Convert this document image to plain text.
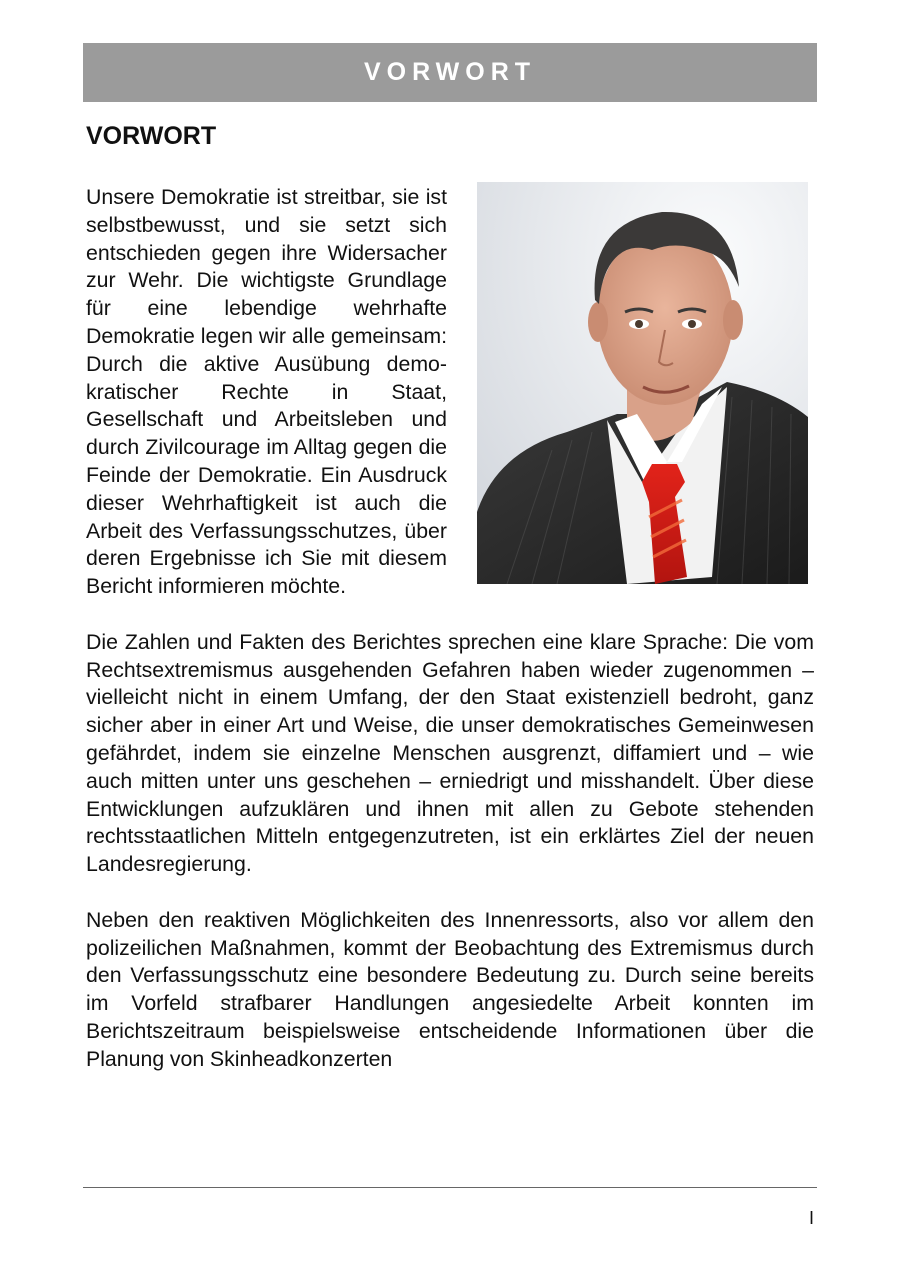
VORWORT
VORWORT

Unsere Demokratie ist streitbar, sie ist selbstbewusst, und sie setzt sich entschieden gegen ihre Widersacher zur Wehr. Die wichtigste Grundlage für eine lebendige wehrhafte Demokratie legen wir alle gemeinsam: Durch die aktive Ausübung demokratischer Rechte in Staat, Gesellschaft und Arbeitsleben und durch Zivilcourage im Alltag gegen die Feinde der Demokratie. Ein Ausdruck dieser Wehrhaftigkeit ist auch die Arbeit des Verfassungsschutzes, über deren Ergebnisse ich Sie mit diesem Bericht informieren möchte.

Die Zahlen und Fakten des Berichtes sprechen eine klare Sprache: Die vom Rechtsextremismus ausgehenden Gefahren haben wieder zugenommen – vielleicht nicht in einem Umfang, der den Staat existenziell bedroht, ganz sicher aber in einer Art und Weise, die unser demokratisches Gemeinwesen gefährdet, indem sie einzelne Menschen ausgrenzt, diffamiert und – wie auch mitten unter uns geschehen – erniedrigt und misshandelt. Über diese Entwicklungen aufzuklären und ihnen mit allen zu Gebote stehenden rechtsstaatlichen Mitteln entgegenzutreten, ist ein erklärtes Ziel der neuen Landesregierung.

Neben den reaktiven Möglichkeiten des Innenressorts, also vor allem den polizeilichen Maßnahmen, kommt der Beobachtung des Extremismus durch den Verfassungsschutz eine besondere Bedeutung zu. Durch seine bereits im Vorfeld strafbarer Handlungen angesiedelte Arbeit konnten im Berichtszeitraum beispielsweise entscheidende Informationen über die Planung von Skinheadkonzerten

I
